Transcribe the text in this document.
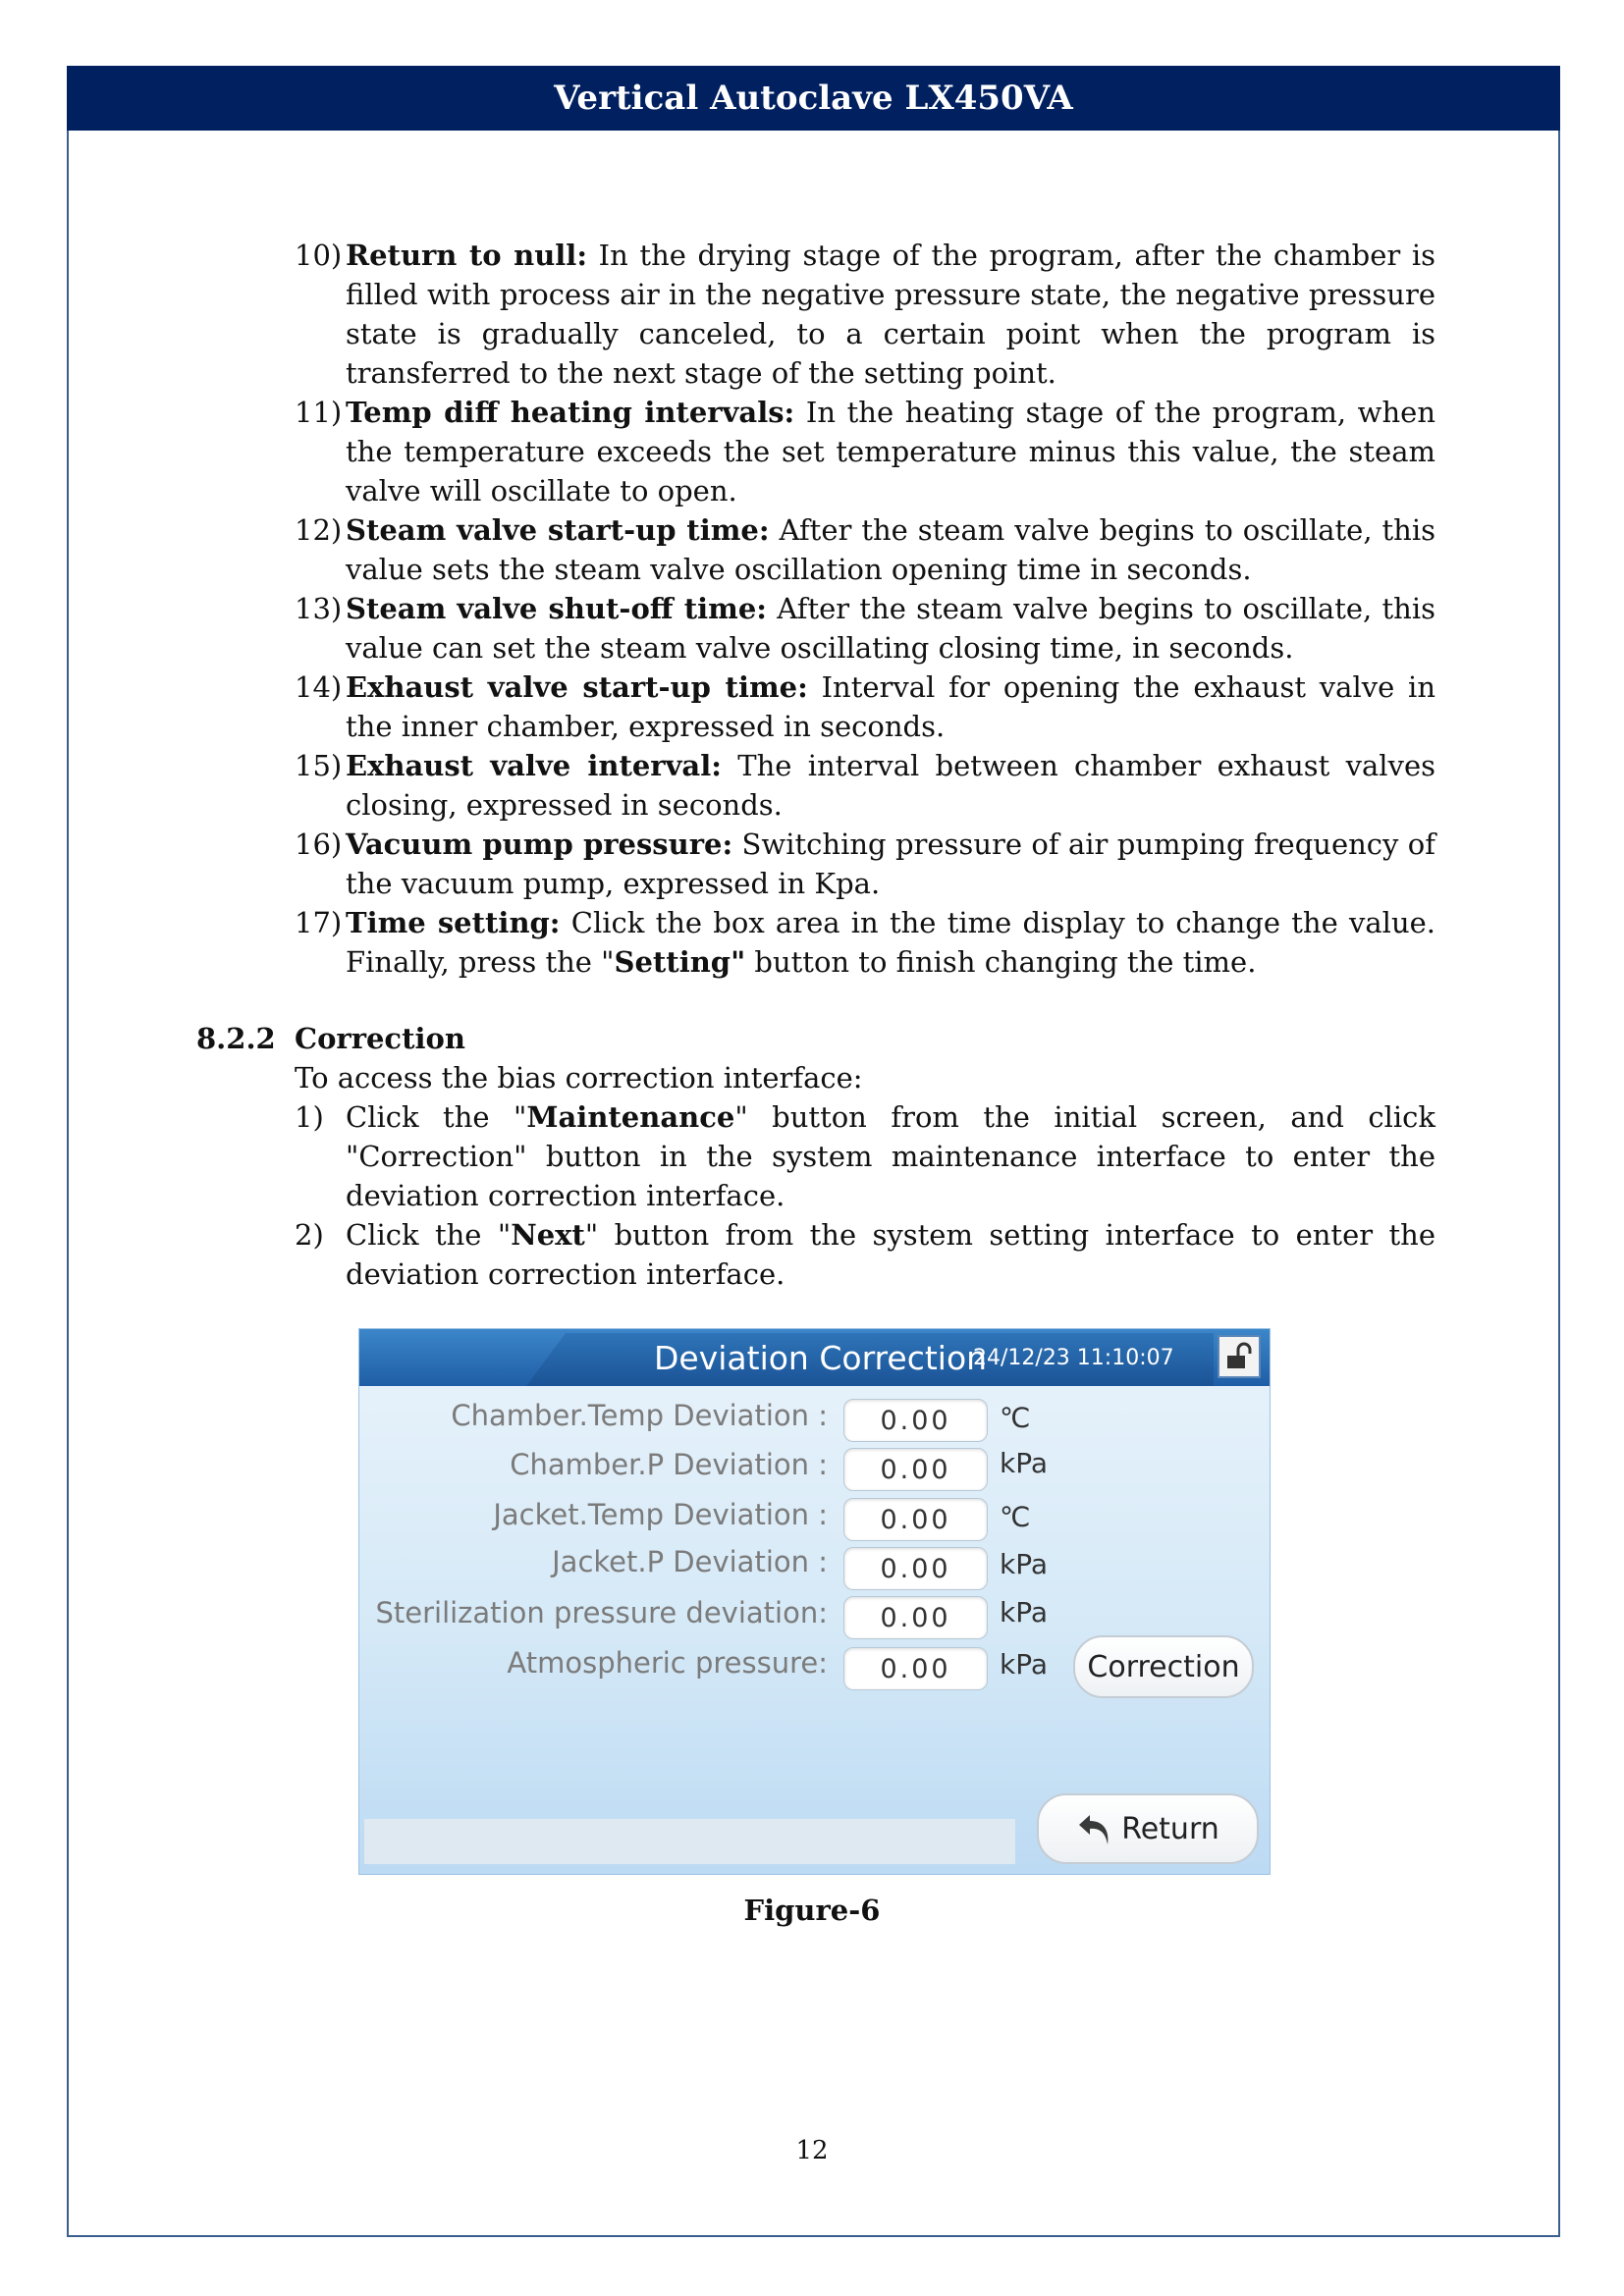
Vertical Autoclave LX450VA
10) Return to null: In the drying stage of the program, after the chamber is filled with process air in the negative pressure state, the negative pressure state is gradually canceled, to a certain point when the program is transferred to the next stage of the setting point.
11) Temp diff heating intervals: In the heating stage of the program, when the temperature exceeds the set temperature minus this value, the steam valve will oscillate to open.
12) Steam valve start-up time: After the steam valve begins to oscillate, this value sets the steam valve oscillation opening time in seconds.
13) Steam valve shut-off time: After the steam valve begins to oscillate, this value can set the steam valve oscillating closing time, in seconds.
14) Exhaust valve start-up time: Interval for opening the exhaust valve in the inner chamber, expressed in seconds.
15) Exhaust valve interval: The interval between chamber exhaust valves closing, expressed in seconds.
16) Vacuum pump pressure: Switching pressure of air pumping frequency of the vacuum pump, expressed in Kpa.
17) Time setting: Click the box area in the time display to change the value. Finally, press the "Setting" button to finish changing the time.
8.2.2 Correction
To access the bias correction interface:
1) Click the "Maintenance" button from the initial screen, and click "Correction" button in the system maintenance interface to enter the deviation correction interface.
2) Click the "Next" button from the system setting interface to enter the deviation correction interface.
Deviation Correction
24/12/23 11:10:07
Chamber.Temp Deviation :	0.00	℃
Chamber.P Deviation :	0.00	kPa
Jacket.Temp Deviation :	0.00	℃
Jacket.P Deviation :	0.00	kPa
Sterilization pressure deviation:	0.00	kPa
Atmospheric pressure:	0.00	kPa Correction
Return
Figure-6
12
